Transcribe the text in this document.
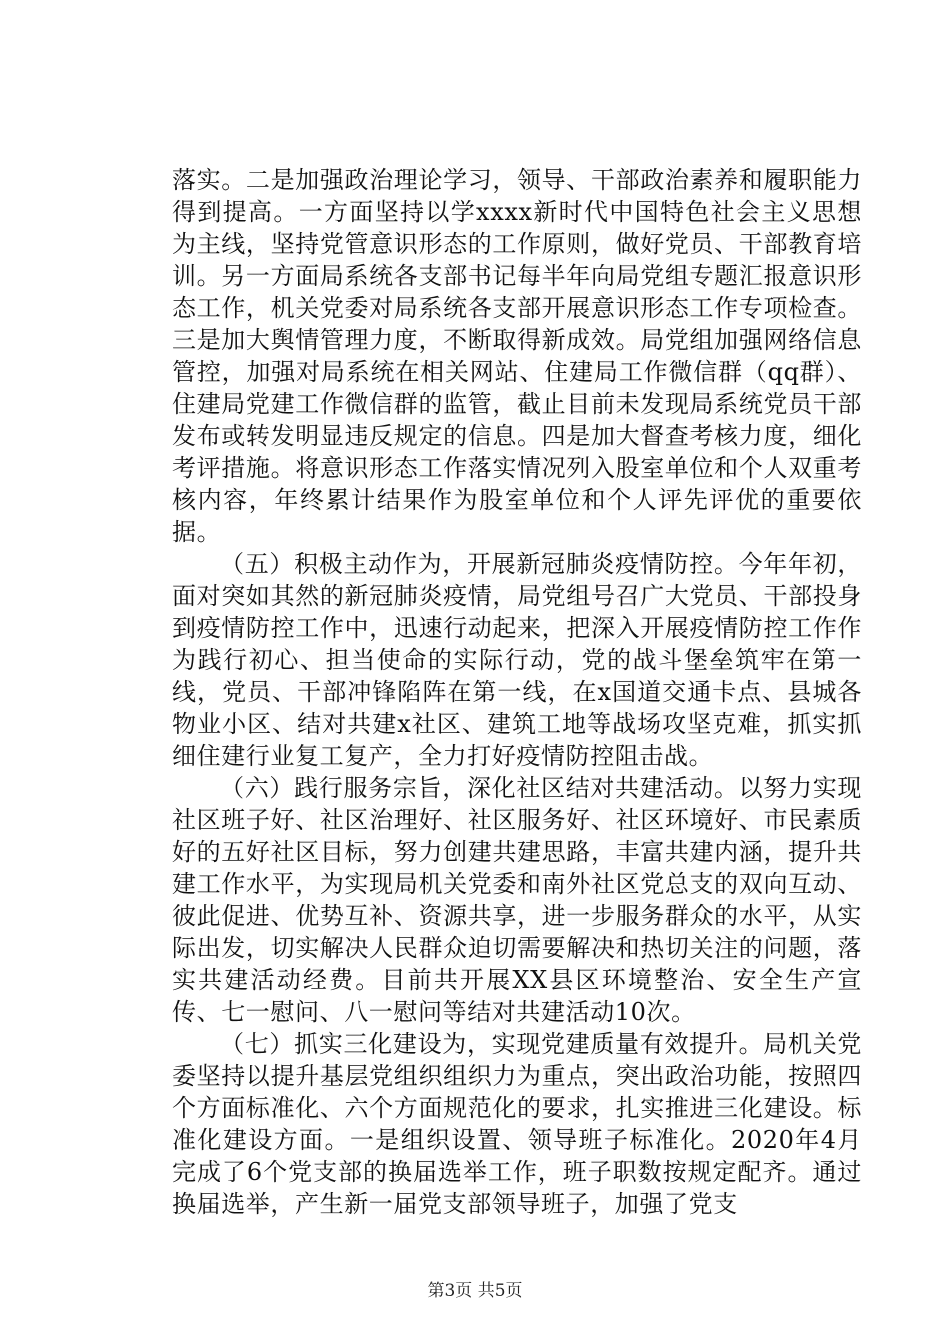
落实。二是加强政治理论学习，领导、干部政治素养和履职能力得到提高。一方面坚持以学xxxx新时代中国特色社会主义思想为主线，坚持党管意识形态的工作原则，做好党员、干部教育培训。另一方面局系统各支部书记每半年向局党组专题汇报意识形态工作，机关党委对局系统各支部开展意识形态工作专项检查。三是加大舆情管理力度，不断取得新成效。局党组加强网络信息管控，加强对局系统在相关网站、住建局工作微信群（qq群）、住建局党建工作微信群的监管，截止目前未发现局系统党员干部发布或转发明显违反规定的信息。四是加大督查考核力度，细化考评措施。将意识形态工作落实情况列入股室单位和个人双重考核内容，年终累计结果作为股室单位和个人评先评优的重要依据。

（五）积极主动作为，开展新冠肺炎疫情防控。今年年初，面对突如其然的新冠肺炎疫情，局党组号召广大党员、干部投身到疫情防控工作中，迅速行动起来，把深入开展疫情防控工作作为践行初心、担当使命的实际行动，党的战斗堡垒筑牢在第一线，党员、干部冲锋陷阵在第一线，在x国道交通卡点、县城各物业小区、结对共建x社区、建筑工地等战场攻坚克难，抓实抓细住建行业复工复产，全力打好疫情防控阻击战。

（六）践行服务宗旨，深化社区结对共建活动。以努力实现社区班子好、社区治理好、社区服务好、社区环境好、市民素质好的五好社区目标，努力创建共建思路，丰富共建内涵，提升共建工作水平，为实现局机关党委和南外社区党总支的双向互动、彼此促进、优势互补、资源共享，进一步服务群众的水平，从实际出发，切实解决人民群众迫切需要解决和热切关注的问题，落实共建活动经费。目前共开展XX县区环境整治、安全生产宣传、七一慰问、八一慰问等结对共建活动10次。

（七）抓实三化建设为，实现党建质量有效提升。局机关党委坚持以提升基层党组织组织力为重点，突出政治功能，按照四个方面标准化、六个方面规范化的要求，扎实推进三化建设。标准化建设方面。一是组织设置、领导班子标准化。2020年4月完成了6个党支部的换届选举工作，班子职数按规定配齐。通过换届选举，产生新一届党支部领导班子，加强了党支

第3页 共5页
